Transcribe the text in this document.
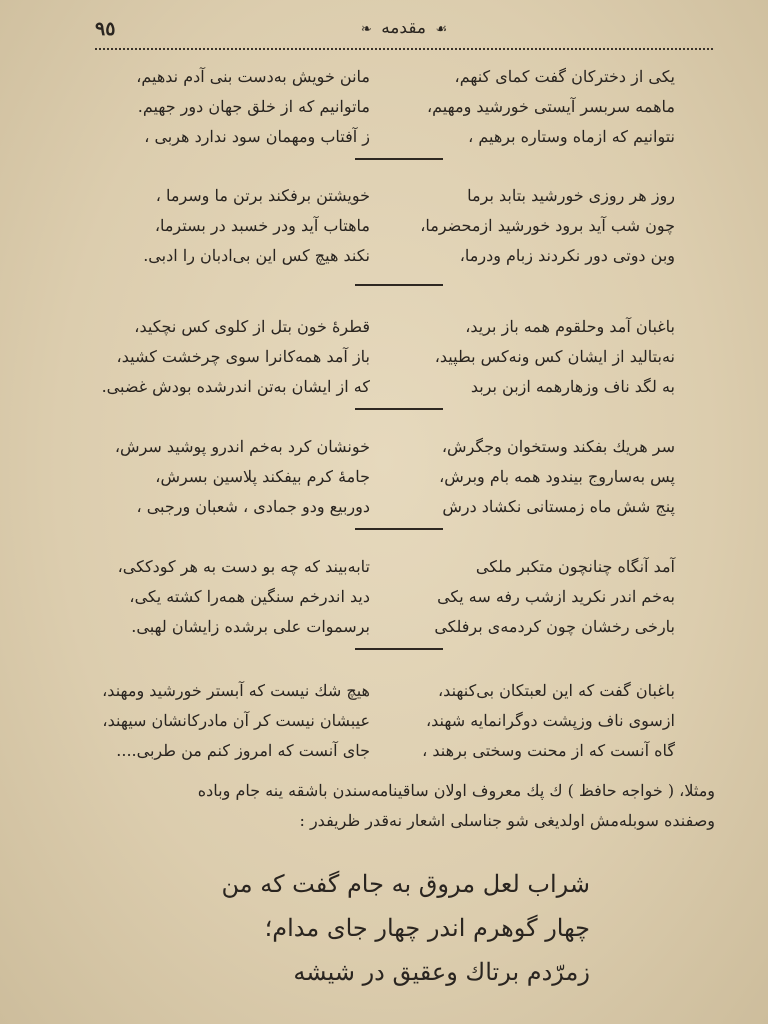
٩٥	❧ مقدمه ☙
یکی از دخترکان گفت کمای کنهم،
ماهمه سربسر آیستی خورشید ومهیم،
نتوانیم که ازماه وستاره برهیم ،
مانن خویش بەدست بنی آدم ندهیم،
ماتوانیم که از خلق جهان دور جهیم.
ز آفتاب ومهمان سود ندارد هربی ،
روز هر روزی خورشید بتابد برما
چون شب آید برود خورشید ازمحضرما،
وبن دوتی دور نکردند زبام ودرما،
خویشتن برفکند برتن ما وسرما ،
ماهتاب آید ودر خسبد در بسترما،
نکند هیچ کس این بی‌ادبان را ادبی.
باغبان آمد وحلقوم همه باز برید،
نه‌بتالید از ایشان کس ونه‌کس بطپید،
به لگد ناف وزهارهمه ازبن بربد
قطرهٔ خون بتل از کلوی کس نچکید،
باز آمد همه‌کانرا سوی چرخشت کشید،
که از ایشان به‌تن اندرشده بودش غضبی.
سر هریك بفکند وستخوان وجگرش،
پس به‌ساروج بیندود همه بام وبرش،
پنج شش ماه زمستانی نکشاد درش
خونشان کرد بەخم اندرو پوشید سرش،
جامهٔ کرم بیفکند پلاسین بسرش،
دوربیع ودو جمادی ، شعبان ورجبی ،
آمد آنگاه چنانچون متکبر ملکی
به‌خم اندر نکرید ازشب رفه سه یکی
بارخی رخشان چون کردمه‌ی برفلکی
تابه‌بیند که چه بو دست به هر کودککی،
دید اندرخم سنگین همه‌را کشته یکی،
برسموات علی برشده زایشان لهبی.
باغبان گفت که این لعبتکان بی‌کنهند،
ازسوی ناف وزپشت دوگرانمایه شهند،
گاه آنست که از محنت وسختی برهند ،
هیچ شك نیست که آبستر خورشید ومهند،
عیبشان نیست کر آن مادرکانشان سیهند،
جای آنست که امروز کنم من طربی....
ومثلا، ( خواجه حافظ ) ك پك معروف اولان ساقینامه‌سندن باشقه ینه جام وباده
وصفنده سوبله‌مش اولدیغی شو جناسلی اشعار نەقدر ظریفدر :
شراب لعل مروق به جام گفت که من
چهار گوهرم اندر چهار جای مدام؛
زمرّدم برتاك وعقیق در شیشه
